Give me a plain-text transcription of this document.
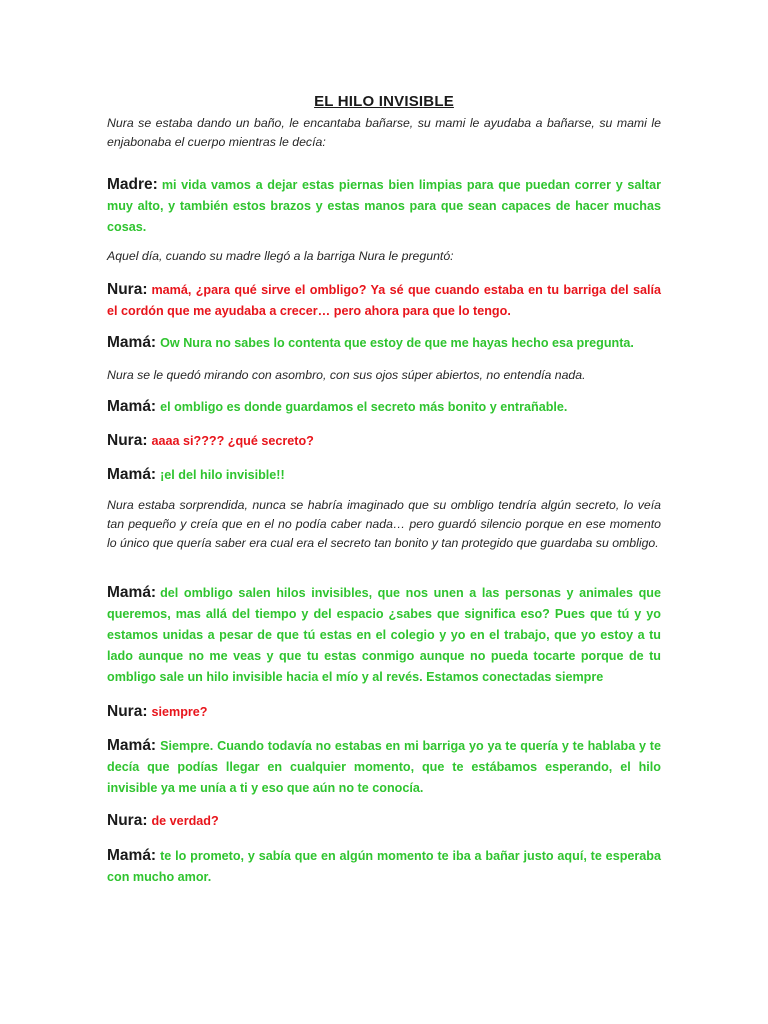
EL HILO INVISIBLE

Nura se estaba dando un baño, le encantaba bañarse, su mami le ayudaba a bañarse, su mami le enjabonaba el cuerpo mientras le decía:

Madre: mi vida vamos a dejar estas piernas bien limpias para que puedan correr y saltar muy alto, y también estos brazos y estas manos para que sean capaces de hacer muchas cosas.

Aquel día, cuando su madre llegó a la barriga Nura le preguntó:

Nura: mamá, ¿para qué sirve el ombligo? Ya sé que cuando estaba en tu barriga del salía el cordón que me ayudaba a crecer… pero ahora para que lo tengo.

Mamá: Ow Nura no sabes lo contenta que estoy de que me hayas hecho esa pregunta.

Nura se le quedó mirando con asombro, con sus ojos súper abiertos, no entendía nada.

Mamá: el ombligo es donde guardamos el secreto más bonito y entrañable.

Nura: aaaa si???? ¿qué secreto?

Mamá: ¡el del hilo invisible!!

Nura estaba sorprendida, nunca se habría imaginado que su ombligo tendría algún secreto, lo veía tan pequeño y creía que en el no podía caber nada… pero guardó silencio porque en ese momento lo único que quería saber era cual era el secreto tan bonito y tan protegido que guardaba su ombligo.

Mamá: del ombligo salen hilos invisibles, que nos unen a las personas y animales que queremos, mas allá del tiempo y del espacio ¿sabes que significa eso? Pues que tú y yo estamos unidas a pesar de que tú estas en el colegio y yo en el trabajo, que yo estoy a tu lado aunque no me veas y que tu estas conmigo aunque no pueda tocarte porque de tu ombligo sale un hilo invisible hacia el mío y al revés. Estamos conectadas siempre

Nura: siempre?

Mamá: Siempre. Cuando todavía no estabas en mi barriga yo ya te quería y te hablaba y te decía que podías llegar en cualquier momento, que te estábamos esperando, el hilo invisible ya me unía a ti y eso que aún no te conocía.

Nura: de verdad?

Mamá: te lo prometo, y sabía que en algún momento te iba a bañar justo aquí, te esperaba con mucho amor.
